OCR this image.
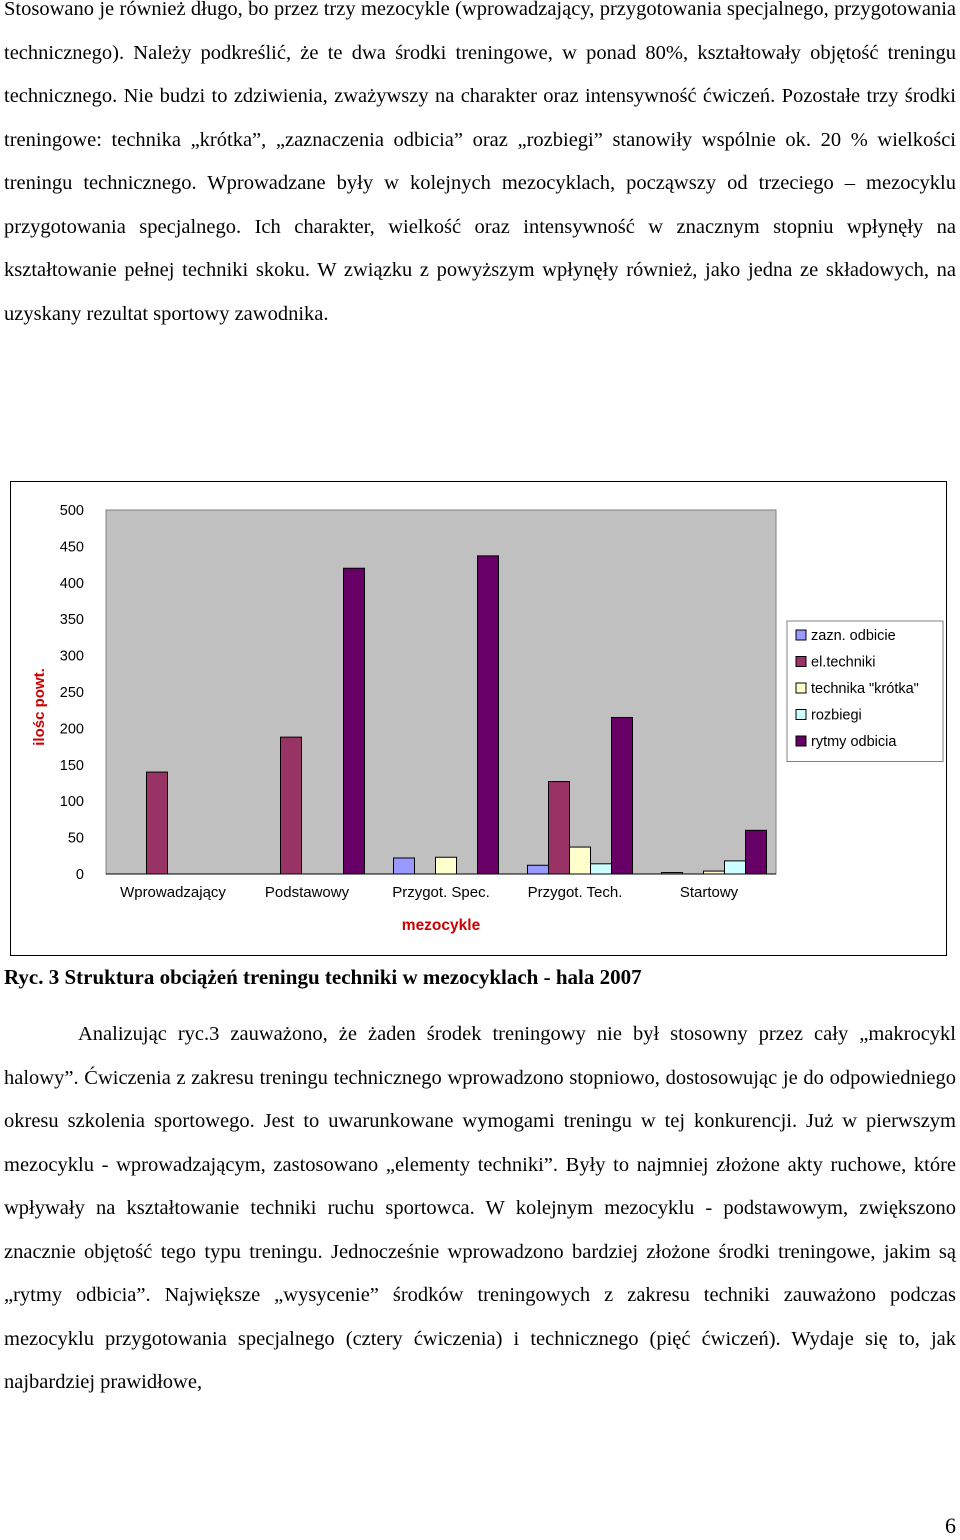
Stosowano je również długo, bo przez trzy mezocykle (wprowadzający, przygotowania specjalnego, przygotowania technicznego). Należy podkreślić, że te dwa środki treningowe, w ponad 80%, kształtowały objętość treningu technicznego. Nie budzi to zdziwienia, zważywszy na charakter oraz intensywność ćwiczeń. Pozostałe trzy środki treningowe: technika „krótka”, „zaznaczenia odbicia” oraz „rozbiegi” stanowiły wspólnie ok. 20 % wielkości treningu technicznego. Wprowadzane były w kolejnych mezocyklach, począwszy od trzeciego – mezocyklu przygotowania specjalnego. Ich charakter, wielkość oraz intensywność w znacznym stopniu wpłynęły na kształtowanie pełnej techniki skoku. W związku z powyższym wpłynęły również, jako jedna ze składowych, na uzyskany rezultat sportowy zawodnika.

0
50
100
150
200
250
300
350
400
450
500
ilośc powt.
Wprowadzający	Podstawowy	Przygot. Spec.	Przygot. Tech.	Startowy
mezocykle
zazn. odbicie
el.techniki
technika "krótka"
rozbiegi
rytmy odbicia

Ryc. 3 Struktura obciążeń treningu techniki w mezocyklach - hala 2007

Analizując ryc.3 zauważono, że żaden środek treningowy nie był stosowny przez cały „makrocykl halowy”. Ćwiczenia z zakresu treningu technicznego wprowadzono stopniowo, dostosowując je do odpowiedniego okresu szkolenia sportowego. Jest to uwarunkowane wymogami treningu w tej konkurencji. Już w pierwszym mezocyklu - wprowadzającym, zastosowano „elementy techniki”. Były to najmniej złożone akty ruchowe, które wpływały na kształtowanie techniki ruchu sportowca. W kolejnym mezocyklu - podstawowym, zwiększono znacznie objętość tego typu treningu. Jednocześnie wprowadzono bardziej złożone środki treningowe, jakim są „rytmy odbicia”. Największe „wysycenie” środków treningowych z zakresu techniki zauważono podczas mezocyklu przygotowania specjalnego (cztery ćwiczenia) i technicznego (pięć ćwiczeń). Wydaje się to, jak najbardziej prawidłowe,

6
